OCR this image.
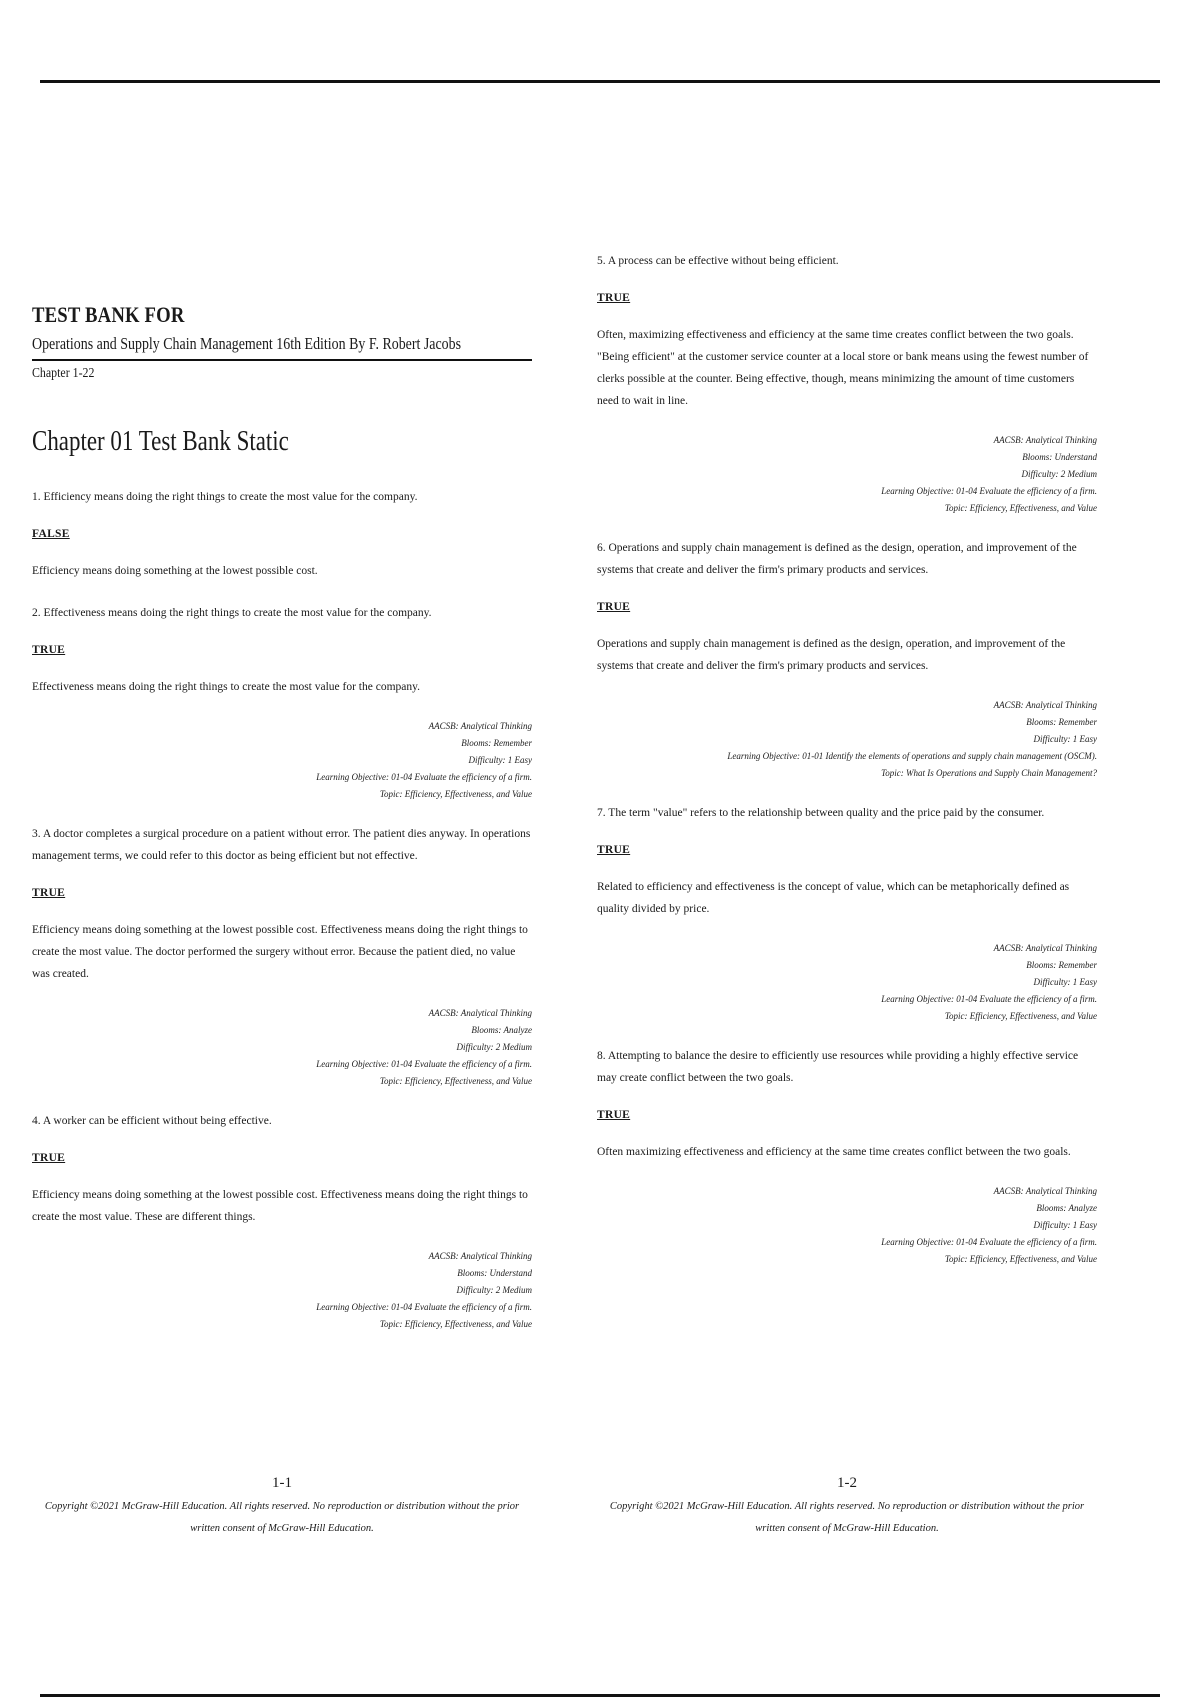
TEST BANK FOR
Operations and Supply Chain Management 16th Edition By F. Robert Jacobs
Chapter 1-22
Chapter 01 Test Bank Static

1. Efficiency means doing the right things to create the most value for the company.

FALSE

Efficiency means doing something at the lowest possible cost.

2. Effectiveness means doing the right things to create the most value for the company.

TRUE

Effectiveness means doing the right things to create the most value for the company.

AACSB: Analytical Thinking
Blooms: Remember
Difficulty: 1 Easy
Learning Objective: 01-04 Evaluate the efficiency of a firm.
Topic: Efficiency, Effectiveness, and Value

3. A doctor completes a surgical procedure on a patient without error. The patient dies anyway. In operations management terms, we could refer to this doctor as being efficient but not effective.

TRUE

Efficiency means doing something at the lowest possible cost. Effectiveness means doing the right things to create the most value. The doctor performed the surgery without error. Because the patient died, no value was created.

AACSB: Analytical Thinking
Blooms: Analyze
Difficulty: 2 Medium
Learning Objective: 01-04 Evaluate the efficiency of a firm.
Topic: Efficiency, Effectiveness, and Value

4. A worker can be efficient without being effective.

TRUE

Efficiency means doing something at the lowest possible cost. Effectiveness means doing the right things to create the most value. These are different things.

AACSB: Analytical Thinking
Blooms: Understand
Difficulty: 2 Medium
Learning Objective: 01-04 Evaluate the efficiency of a firm.
Topic: Efficiency, Effectiveness, and Value

5. A process can be effective without being efficient.

TRUE

Often, maximizing effectiveness and efficiency at the same time creates conflict between the two goals. "Being efficient" at the customer service counter at a local store or bank means using the fewest number of clerks possible at the counter. Being effective, though, means minimizing the amount of time customers need to wait in line.

AACSB: Analytical Thinking
Blooms: Understand
Difficulty: 2 Medium
Learning Objective: 01-04 Evaluate the efficiency of a firm.
Topic: Efficiency, Effectiveness, and Value

6. Operations and supply chain management is defined as the design, operation, and improvement of the systems that create and deliver the firm's primary products and services.

TRUE

Operations and supply chain management is defined as the design, operation, and improvement of the systems that create and deliver the firm's primary products and services.

AACSB: Analytical Thinking
Blooms: Remember
Difficulty: 1 Easy
Learning Objective: 01-01 Identify the elements of operations and supply chain management (OSCM).
Topic: What Is Operations and Supply Chain Management?

7. The term "value" refers to the relationship between quality and the price paid by the consumer.

TRUE

Related to efficiency and effectiveness is the concept of value, which can be metaphorically defined as quality divided by price.

AACSB: Analytical Thinking
Blooms: Remember
Difficulty: 1 Easy
Learning Objective: 01-04 Evaluate the efficiency of a firm.
Topic: Efficiency, Effectiveness, and Value

8. Attempting to balance the desire to efficiently use resources while providing a highly effective service may create conflict between the two goals.

TRUE

Often maximizing effectiveness and efficiency at the same time creates conflict between the two goals.

AACSB: Analytical Thinking
Blooms: Analyze
Difficulty: 1 Easy
Learning Objective: 01-04 Evaluate the efficiency of a firm.
Topic: Efficiency, Effectiveness, and Value
1-1
Copyright ©2021 McGraw-Hill Education. All rights reserved. No reproduction or distribution without the prior written consent of McGraw-Hill Education.
1-2
Copyright ©2021 McGraw-Hill Education. All rights reserved. No reproduction or distribution without the prior written consent of McGraw-Hill Education.
